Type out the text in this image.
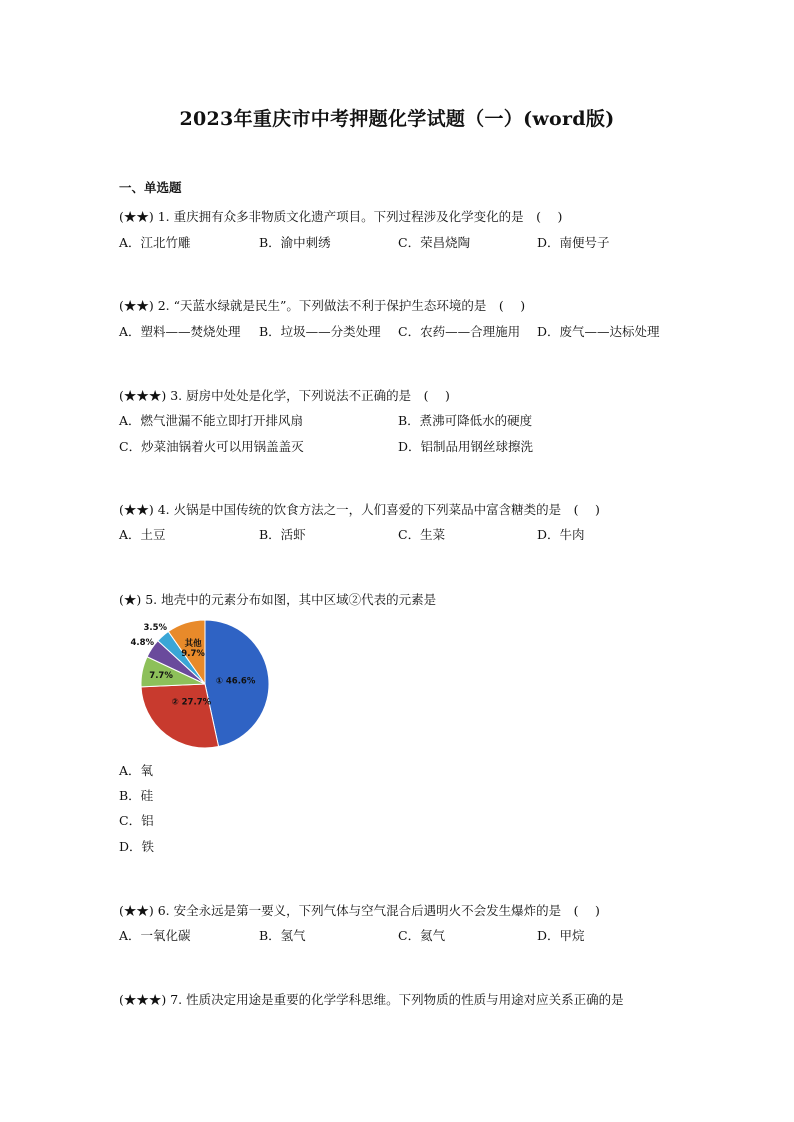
2023年重庆市中考押题化学试题（一）(word版)
一、单选题
(★★) 1. 重庆拥有众多非物质文化遗产项目。下列过程涉及化学变化的是　(　 )
A．江北竹雕	B．渝中刺绣	C．荣昌烧陶	D．南便号子
(★★) 2. “天蓝水绿就是民生”。下列做法不利于保护生态环境的是　(　 )
A．塑料——焚烧处理 B．垃圾——分类处理 C．农药——合理施用 D．废气——达标处理
(★★★) 3. 厨房中处处是化学，下列说法不正确的是　(　 )
A．燃气泄漏不能立即打开排风扇	B．煮沸可降低水的硬度
C．炒菜油锅着火可以用锅盖盖灭	D．铝制品用钢丝球擦洗
(★★) 4. 火锅是中国传统的饮食方法之一，人们喜爱的下列菜品中富含糖类的是　(　 )
A．土豆	B．活虾	C．生菜	D．牛肉
(★) 5. 地壳中的元素分布如图，其中区域②代表的元素是
① 46.6%
② 27.7%
7.7%
4.8%
3.5%
其他 9.7%
A．氧
B．硅
C．铝
D．铁
(★★) 6. 安全永远是第一要义，下列气体与空气混合后遇明火不会发生爆炸的是　(　 )
A．一氧化碳	B．氢气	C．氦气	D．甲烷
(★★★) 7. 性质决定用途是重要的化学学科思维。下列物质的性质与用途对应关系正确的是
